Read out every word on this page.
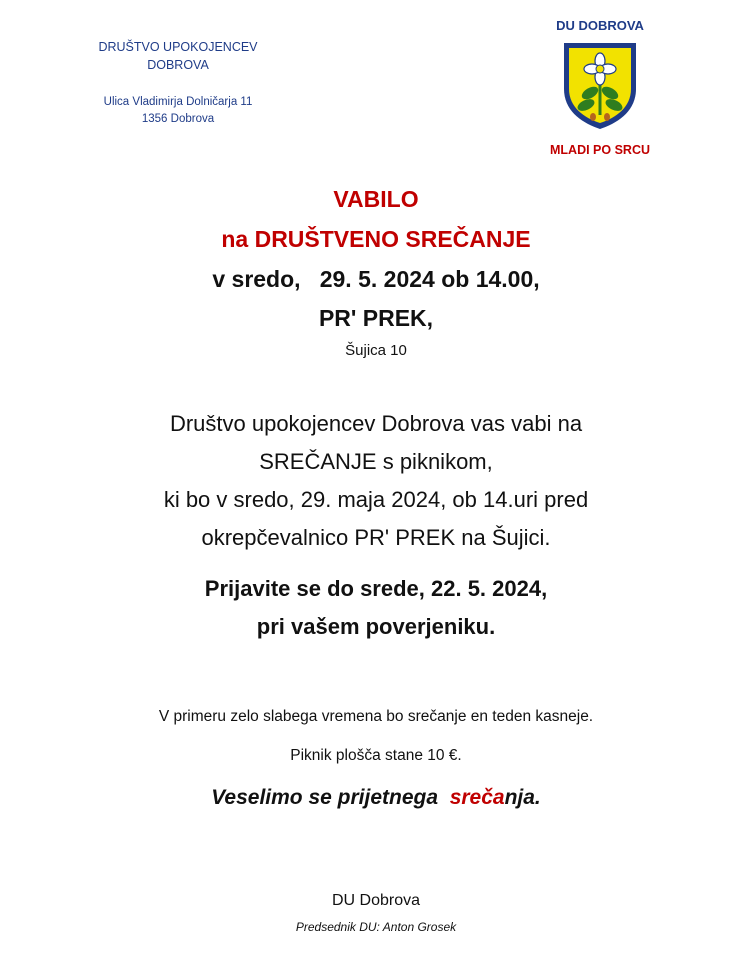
DRUŠTVO UPOKOJENCEV
DOBROVA
Ulica Vladimirja Dolničarja 11
1356 Dobrova
DU DOBROVA
MLADI PO SRCU
VABILO
na DRUŠTVENO SREČANJE
v sredo,   29. 5. 2024 ob 14.00,
PR' PREK,
Šujica 10
Društvo upokojencev Dobrova vas vabi na
SREČANJE s piknikom,
ki bo v sredo, 29. maja 2024, ob 14.uri pred
okrepčevalnico PR' PREK na Šujici.
Prijavite se do srede, 22. 5. 2024,
pri vašem poverjeniku.
V primeru zelo slabega vremena bo srečanje en teden kasneje.
Piknik plošča stane 10 €.
Veselimo se prijetnega  srečanja.
DU Dobrova
Predsednik DU: Anton Grosek
